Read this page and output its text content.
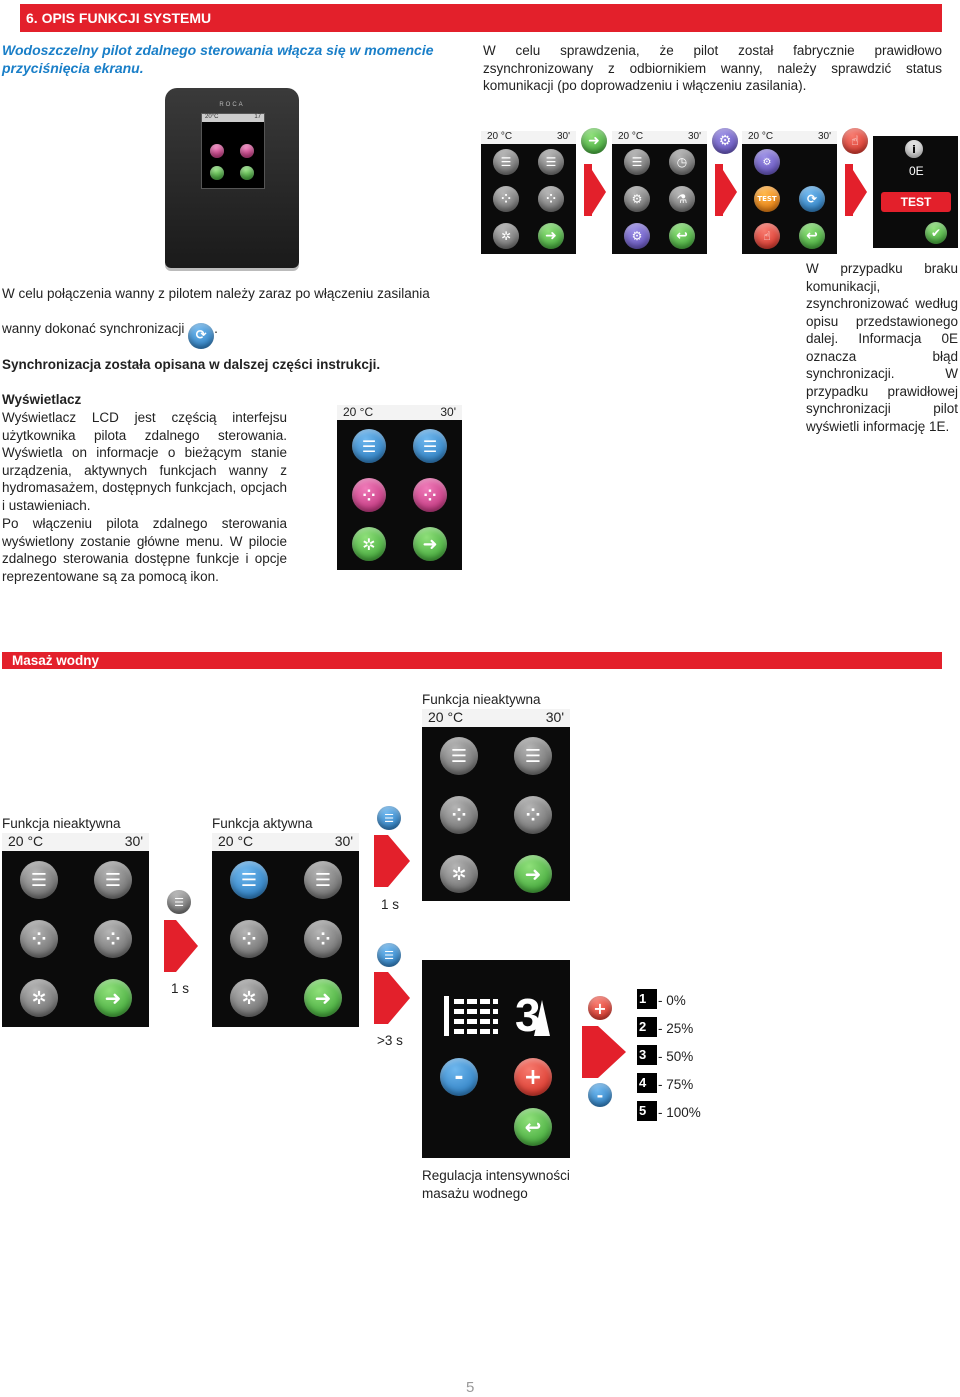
6. OPIS FUNKCJI SYSTEMU
Wodoszczelny pilot zdalnego sterowania włącza się w momencie przyciśnięcia ekranu.
W celu sprawdzenia, że pilot został fabrycznie prawidłowo zsynchronizowany z odbiornikiem wanny, należy sprawdzić status komunikacji (po doprowadzeniu i włączeniu zasilania).
ROCA
20°C	17
20 °C	30'
☰	☰
⁘	⁘
✲	➜
➜	20 °C	30'
☰	◷
⚙	⚗
⚙	↩
⚙	20 °C	30'
⚙
TEST	⟳
☝	↩
☝
i
0E
TEST
✔
W celu połączenia wanny z pilotem należy zaraz po włączeniu zasilania
wanny dokonać synchronizacji ⟳ .
Synchronizacja została opisana w dalszej części instrukcji.
W przypadku braku komunikacji, zsynchronizować według opisu przedstawionego dalej. Informacja 0E oznacza błąd synchronizacji. W przypadku prawidłowej synchronizacji pilot wyświetli informację 1E.
Wyświetlacz
Wyświetlacz LCD jest częścią interfejsu użytkownika pilota zdalnego sterowania. Wyświetla on informacje o bieżącym stanie urządzenia, aktywnych funkcjach wanny z hydromasażem, dostępnych funkcjach, opcjach i ustawieniach.
Po włączeniu pilota zdalnego sterowania wyświetlony zostanie główne menu. W pilocie zdalnego sterowania dostępne funkcje i opcje reprezentowane są za pomocą ikon.
20 °C	30'
☰	☰
⁘	⁘
✲	➜
Masaż wodny
Funkcja nieaktywna
20 °C	30'
☰	☰
⁘	⁘
✲	➜
Funkcja nieaktywna
20 °C	30'
☰	☰
⁘	⁘
✲	➜
☰
1 s
Funkcja aktywna
20 °C	30'
☰	☰
⁘	⁘
✲	➜
☰
1 s
☰
>3 s 3
-	+
↩
+
-
1 - 0%
2 - 25%
3 - 50%
4 - 75%
5 - 100%
Regulacja intensywności masażu wodnego
5
